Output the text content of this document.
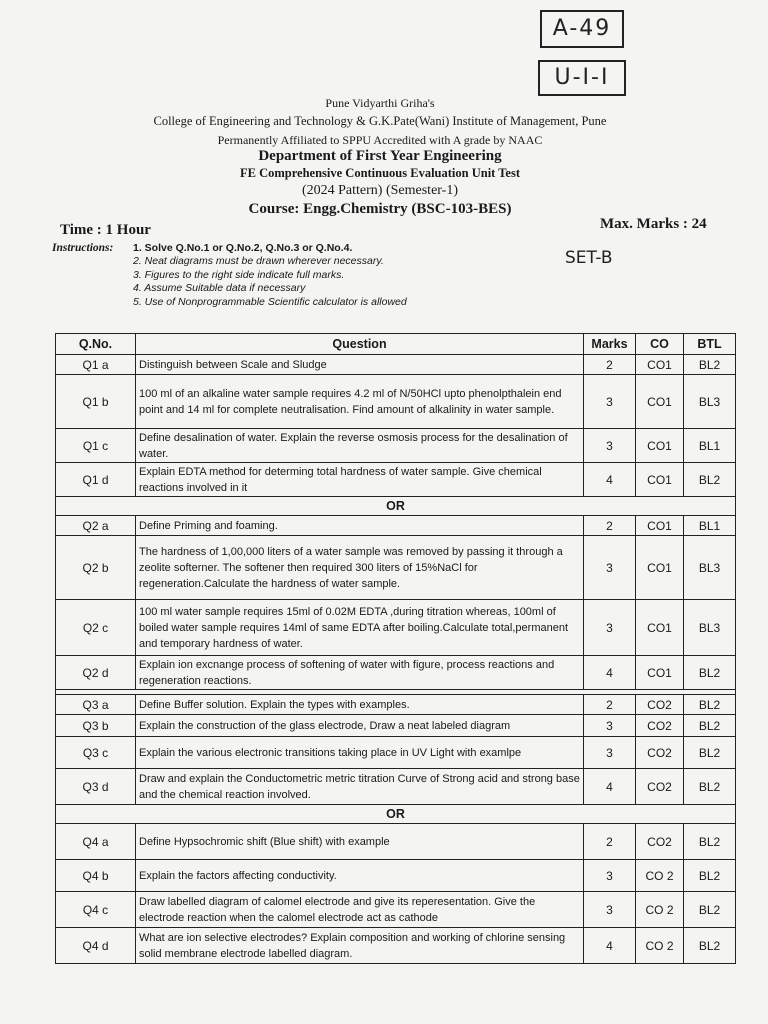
A-49
U-I-I
Pune Vidyarthi Griha's
College of Engineering and Technology & G.K.Pate(Wani) Institute of Management, Pune
Permanently Affiliated to SPPU Accredited with A grade by NAAC
Department of First Year Engineering
FE Comprehensive Continuous Evaluation Unit Test
(2024 Pattern) (Semester-1)
Course: Engg.Chemistry (BSC-103-BES)
Time : 1 Hour	Max. Marks : 24
SET-B
Instructions: 1. Solve Q.No.1 or Q.No.2, Q.No.3 or Q.No.4.
2. Neat diagrams must be drawn wherever necessary.
3. Figures to the right side indicate full marks.
4. Assume Suitable data if necessary
5. Use of Nonprogrammable Scientific calculator is allowed
Q.No.	Question	Marks	CO	BTL
Q1 a	Distinguish between Scale and Sludge	2	CO1	BL2
Q1 b	100 ml of an alkaline water sample requires 4.2 ml of N/50HCl upto phenolpthalein end point and 14 ml for complete neutralisation. Find amount of alkalinity in water sample.	3	CO1	BL3
Q1 c	Define desalination of water. Explain the reverse osmosis process for the desalination of water.	3	CO1	BL1
Q1 d	Explain EDTA method for determing total hardness of water sample. Give chemical reactions involved in it	4	CO1	BL2
OR				
Q2 a	Define Priming and foaming.	2	CO1	BL1
Q2 b	The hardness of 1,00,000 liters of a water sample was removed by passing it through a zeolite softerner. The softener then required 300 liters of 15%NaCl for regeneration.Calculate the hardness of water sample.	3	CO1	BL3
Q2 c	100 ml water sample requires 15ml of 0.02M EDTA ,during titration whereas, 100ml of boiled water sample requires 14ml of same EDTA after boiling.Calculate total,permanent and temporary hardness of water.	3	CO1	BL3
Q2 d	Explain ion excnange process of softening of water with figure, process reactions and regeneration reactions.	4	CO1	BL2

Q3 a	Define Buffer solution. Explain the types with examples.	2	CO2	BL2
Q3 b	Explain the construction of the glass electrode, Draw a neat labeled diagram	3	CO2	BL2
Q3 c	Explain the various electronic transitions taking place in UV Light with examlpe	3	CO2	BL2
Q3 d	Draw and explain the Conductometric metric titration Curve of Strong acid and strong base and the chemical reaction involved.	4	CO2	BL2
OR				
Q4 a	Define Hypsochromic shift (Blue shift) with example	2	CO2	BL2
Q4 b	Explain the factors affecting conductivity.	3	CO 2	BL2
Q4 c	Draw labelled diagram of calomel electrode and give its reperesentation. Give the electrode reaction when the calomel electrode act as cathode	3	CO 2	BL2
Q4 d	What are ion selective electrodes? Explain composition and working of chlorine sensing solid membrane electrode labelled diagram.	4	CO 2	BL2
